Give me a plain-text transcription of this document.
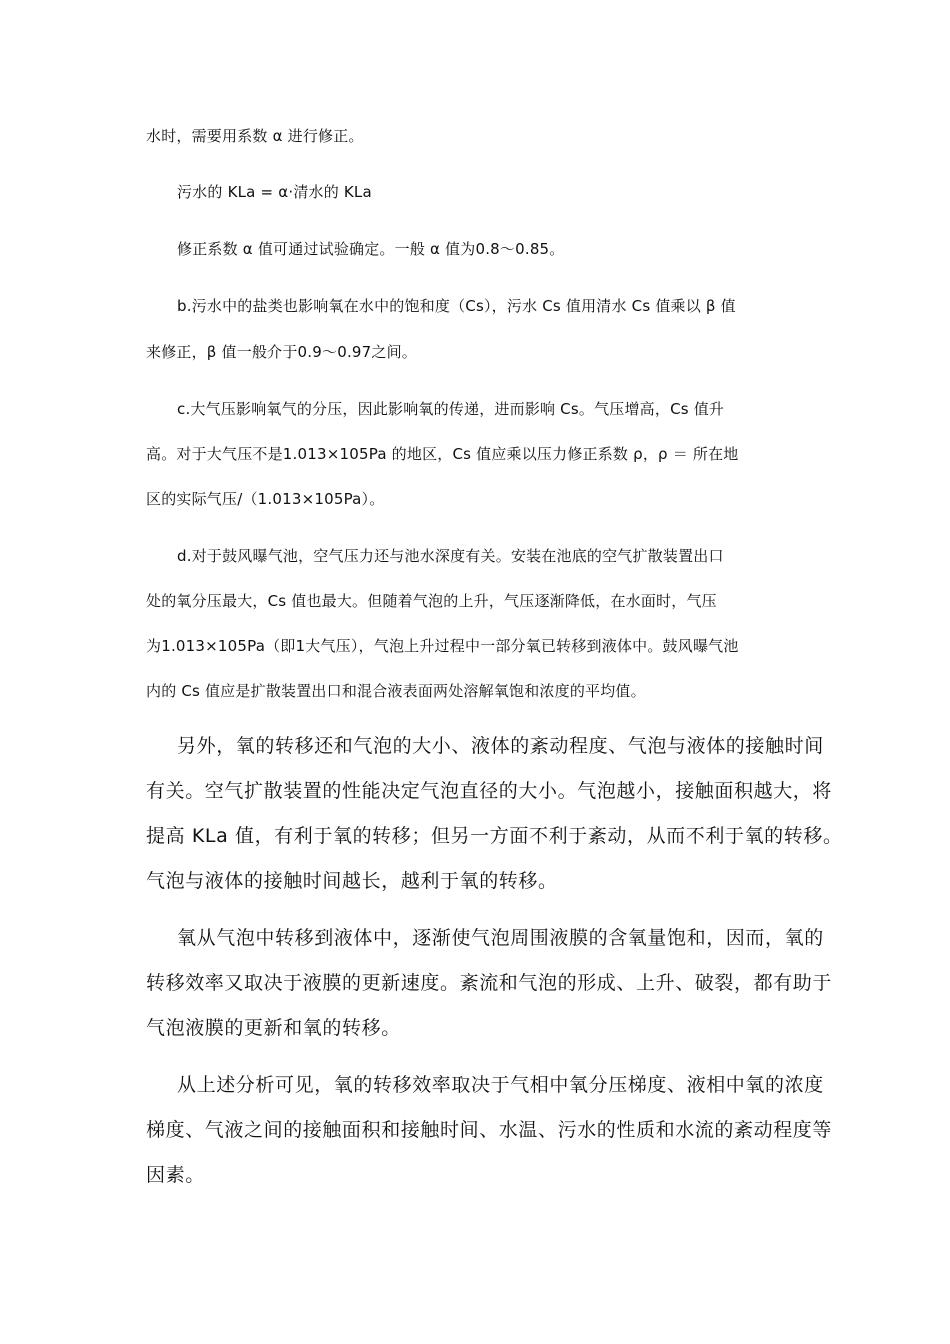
水时，需要用系数 α 进行修正。
污水的 KLa = α·清水的 KLa
修正系数 α 值可通过试验确定。一般 α 值为0.8～0.85。
b.污水中的盐类也影响氧在水中的饱和度（Cs），污水 Cs 值用清水 Cs 值乘以 β 值
来修正，β 值一般介于0.9～0.97之间。
c.大气压影响氧气的分压，因此影响氧的传递，进而影响 Cs。气压增高，Cs 值升
高。对于大气压不是1.013×105Pa 的地区，Cs 值应乘以压力修正系数 ρ，ρ ＝ 所在地
区的实际气压/（1.013×105Pa）。
d.对于鼓风曝气池，空气压力还与池水深度有关。安装在池底的空气扩散装置出口
处的氧分压最大，Cs 值也最大。但随着气泡的上升，气压逐渐降低，在水面时，气压
为1.013×105Pa（即1大气压），气泡上升过程中一部分氧已转移到液体中。鼓风曝气池
内的 Cs 值应是扩散装置出口和混合液表面两处溶解氧饱和浓度的平均值。
另外，氧的转移还和气泡的大小、液体的紊动程度、气泡与液体的接触时间
有关。空气扩散装置的性能决定气泡直径的大小。气泡越小，接触面积越大，将
提高 KLa 值，有利于氧的转移；但另一方面不利于紊动，从而不利于氧的转移。
气泡与液体的接触时间越长，越利于氧的转移。
氧从气泡中转移到液体中，逐渐使气泡周围液膜的含氧量饱和，因而，氧的
转移效率又取决于液膜的更新速度。紊流和气泡的形成、上升、破裂，都有助于
气泡液膜的更新和氧的转移。
从上述分析可见，氧的转移效率取决于气相中氧分压梯度、液相中氧的浓度
梯度、气液之间的接触面积和接触时间、水温、污水的性质和水流的紊动程度等
因素。
